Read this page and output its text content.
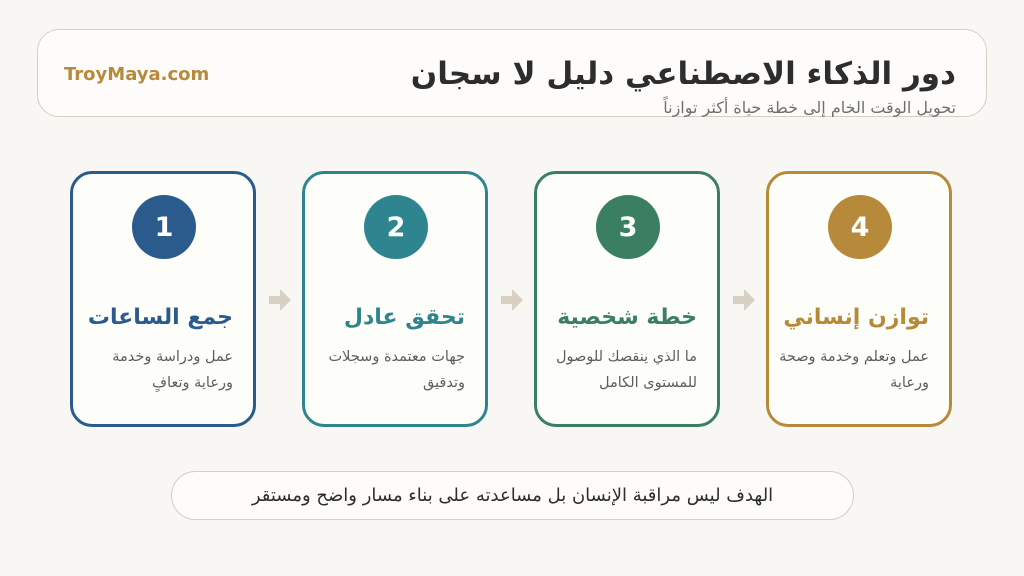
TroyMaya.com	دور الذكاء الاصطناعي دليل لا سجان
تحويل الوقت الخام إلى خطة حياة أكثر توازناً
1
جمع الساعات
عمل ودراسة وخدمة ورعاية وتعافٍ
2
تحقق عادل
جهات معتمدة وسجلات وتدقيق
3
خطة شخصية
ما الذي ينقصك للوصول للمستوى الكامل
4
توازن إنساني
عمل وتعلم وخدمة وصحة ورعاية
الهدف ليس مراقبة الإنسان بل مساعدته على بناء مسار واضح ومستقر
